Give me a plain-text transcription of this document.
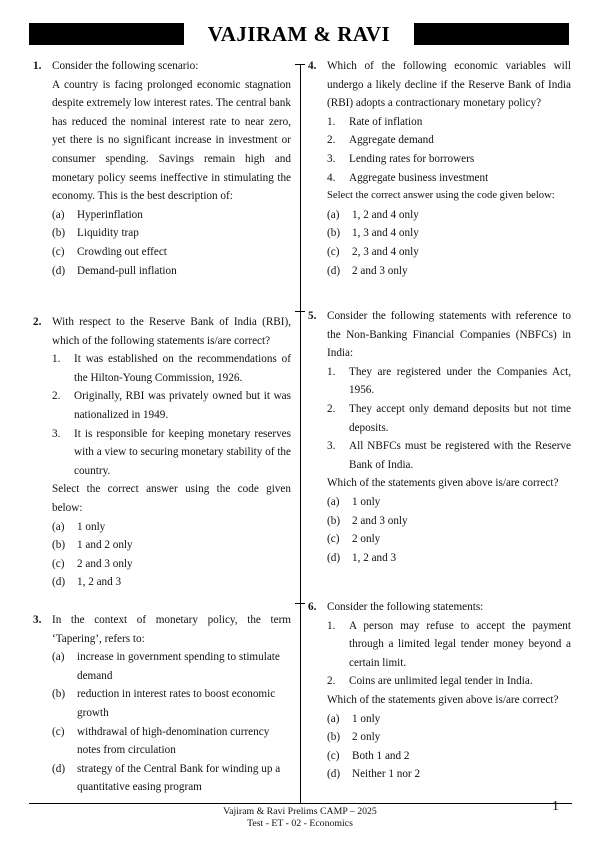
VAJIRAM & RAVI
1. Consider the following scenario:

A country is facing prolonged economic stagnation despite extremely low interest rates. The central bank has reduced the nominal interest rate to near zero, yet there is no significant increase in investment or consumer spending. Savings remain high and monetary policy seems ineffective in stimulating the economy. This is the best description of:

(a) Hyperinflation
(b) Liquidity trap
(c) Crowding out effect
(d) Demand-pull inflation
2. With respect to the Reserve Bank of India (RBI), which of the following statements is/are correct?

1. It was established on the recommendations of the Hilton-Young Commission, 1926.
2. Originally, RBI was privately owned but it was nationalized in 1949.
3. It is responsible for keeping monetary reserves with a view to securing monetary stability of the country.

Select the correct answer using the code given below:

(a) 1 only
(b) 1 and 2 only
(c) 2 and 3 only
(d) 1, 2 and 3
3. In the context of monetary policy, the term ‘Tapering’, refers to:

(a) increase in government spending to stimulate demand
(b) reduction in interest rates to boost economic growth
(c) withdrawal of high-denomination currency notes from circulation
(d) strategy of the Central Bank for winding up a quantitative easing program
4. Which of the following economic variables will undergo a likely decline if the Reserve Bank of India (RBI) adopts a contractionary monetary policy?

1. Rate of inflation
2. Aggregate demand
3. Lending rates for borrowers
4. Aggregate business investment

Select the correct answer using the code given below:

(a) 1, 2 and 4 only
(b) 1, 3 and 4 only
(c) 2, 3 and 4 only
(d) 2 and 3 only
5. Consider the following statements with reference to the Non-Banking Financial Companies (NBFCs) in India:

1. They are registered under the Companies Act, 1956.
2. They accept only demand deposits but not time deposits.
3. All NBFCs must be registered with the Reserve Bank of India.

Which of the statements given above is/are correct?

(a) 1 only
(b) 2 and 3 only
(c) 2 only
(d) 1, 2 and 3
6. Consider the following statements:

1. A person may refuse to accept the payment through a limited legal tender money beyond a certain limit.
2. Coins are unlimited legal tender in India.

Which of the statements given above is/are correct?

(a) 1 only
(b) 2 only
(c) Both 1 and 2
(d) Neither 1 nor 2
Vajiram & Ravi Prelims CAMP – 2025
Test - ET - 02 - Economics
1
